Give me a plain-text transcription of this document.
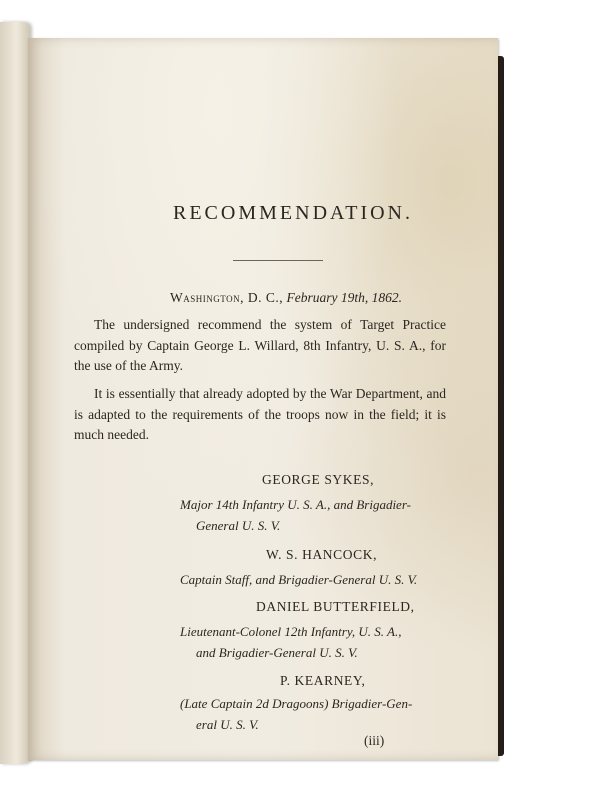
RECOMMENDATION.
Washington, D. C., February 19th, 1862.
The undersigned recommend the system of Target Practice compiled by Captain George L. Willard, 8th Infantry, U. S. A., for the use of the Army.
It is essentially that already adopted by the War Department, and is adapted to the requirements of the troops now in the field; it is much needed.
GEORGE SYKES,
Major 14th Infantry U. S. A., and Brigadier-
General U. S. V.
W. S. HANCOCK,
Captain Staff, and Brigadier-General U. S. V.
DANIEL BUTTERFIELD,
Lieutenant-Colonel 12th Infantry, U. S. A.,
and Brigadier-General U. S. V.
P. KEARNEY,
(Late Captain 2d Dragoons) Brigadier-Gen-
eral U. S. V.
(iii)
